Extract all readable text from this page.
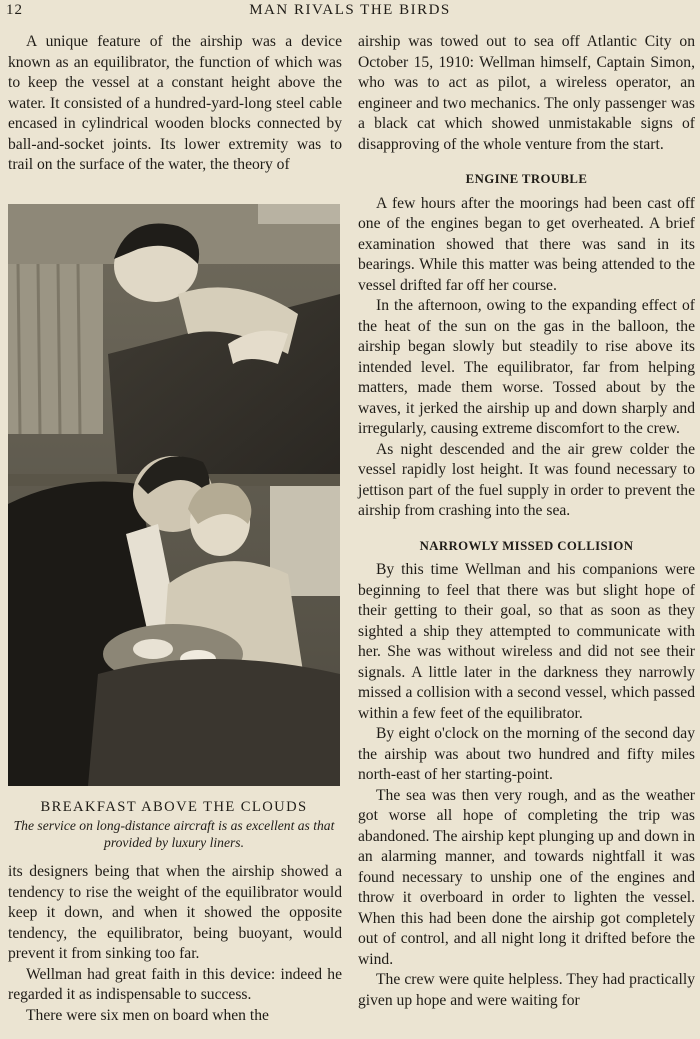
12	MAN RIVALS THE BIRDS

A unique feature of the airship was a device known as an equilibrator, the function of which was to keep the vessel at a constant height above the water. It consisted of a hundred-yard-long steel cable encased in cylindrical wooden blocks connected by ball-and-socket joints. Its lower extremity was to trail on the surface of the water, the theory of

BREAKFAST ABOVE THE CLOUDS
The service on long-distance aircraft is as excellent as that provided by luxury liners.

its designers being that when the airship showed a tendency to rise the weight of the equilibrator would keep it down, and when it showed the opposite tendency, the equilibrator, being buoyant, would prevent it from sinking too far.

Wellman had great faith in this device: indeed he regarded it as indispensable to success.

There were six men on board when the

airship was towed out to sea off Atlantic City on October 15, 1910: Wellman himself, Captain Simon, who was to act as pilot, a wireless operator, an engineer and two mechanics. The only passenger was a black cat which showed unmistakable signs of disapproving of the whole venture from the start.

ENGINE TROUBLE

A few hours after the moorings had been cast off one of the engines began to get overheated. A brief examination showed that there was sand in its bearings. While this matter was being attended to the vessel drifted far off her course.

In the afternoon, owing to the expanding effect of the heat of the sun on the gas in the balloon, the airship began slowly but steadily to rise above its intended level. The equilibrator, far from helping matters, made them worse. Tossed about by the waves, it jerked the airship up and down sharply and irregularly, causing extreme discomfort to the crew.

As night descended and the air grew colder the vessel rapidly lost height. It was found necessary to jettison part of the fuel supply in order to prevent the airship from crashing into the sea.

NARROWLY MISSED COLLISION

By this time Wellman and his companions were beginning to feel that there was but slight hope of their getting to their goal, so that as soon as they sighted a ship they attempted to communicate with her. She was without wireless and did not see their signals. A little later in the darkness they narrowly missed a collision with a second vessel, which passed within a few feet of the equilibrator.

By eight o'clock on the morning of the second day the airship was about two hundred and fifty miles north-east of her starting-point.

The sea was then very rough, and as the weather got worse all hope of completing the trip was abandoned. The airship kept plunging up and down in an alarming manner, and towards nightfall it was found necessary to unship one of the engines and throw it overboard in order to lighten the vessel. When this had been done the airship got completely out of control, and all night long it drifted before the wind.

The crew were quite helpless. They had practically given up hope and were waiting for
